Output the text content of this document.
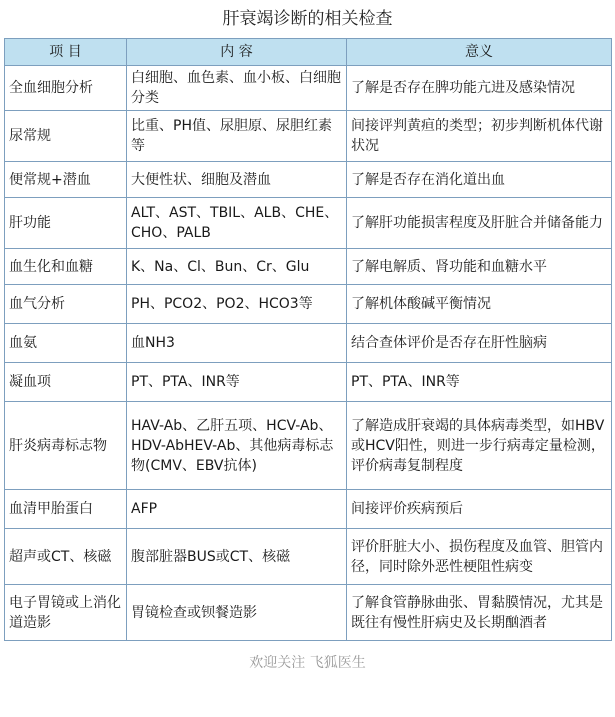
肝衰竭诊断的相关检查
项 目	内 容	意义
全血细胞分析	白细胞、血色素、血小板、白细胞分类	了解是否存在脾功能亢进及感染情况
尿常规	比重、PH值、尿胆原、尿胆红素等	间接评判黄疸的类型；初步判断机体代谢状况
便常规+潜血	大便性状、细胞及潜血	了解是否存在消化道出血
肝功能	ALT、AST、TBIL、ALB、CHE、CHO、PALB	了解肝功能损害程度及肝脏合并储备能力
血生化和血糖	K、Na、Cl、Bun、Cr、Glu	了解电解质、肾功能和血糖水平
血气分析	PH、PCO2、PO2、HCO3等	了解机体酸碱平衡情况
血氨	血NH3	结合查体评价是否存在肝性脑病
凝血项	PT、PTA、INR等	PT、PTA、INR等
肝炎病毒标志物	HAV-Ab、乙肝五项、HCV-Ab、HDV-AbHEV-Ab、其他病毒标志物(CMV、EBV抗体)	了解造成肝衰竭的具体病毒类型，如HBV或HCV阳性，则进一步行病毒定量检测，评价病毒复制程度
血清甲胎蛋白	AFP	间接评价疾病预后
超声或CT、核磁	腹部脏器BUS或CT、核磁	评价肝脏大小、损伤程度及血管、胆管内径，同时除外恶性梗阻性病变
电子胃镜或上消化道造影	胃镜检查或钡餐造影	了解食管静脉曲张、胃黏膜情况，尤其是既往有慢性肝病史及长期酗酒者
欢迎关注 飞狐医生
